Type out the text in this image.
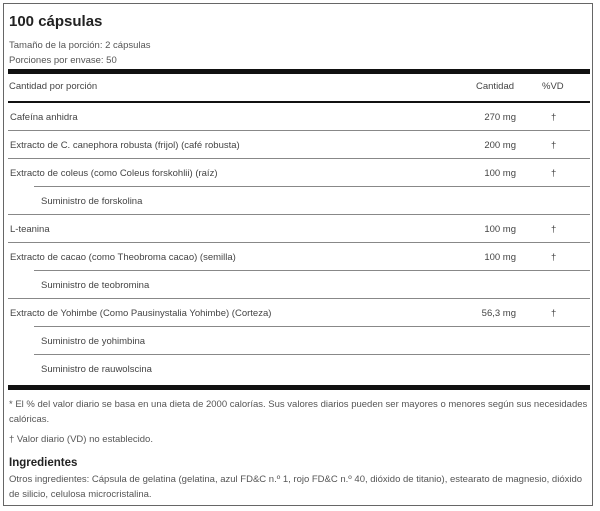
100 cápsulas
Tamaño de la porción: 2 cápsulas
Porciones por envase: 50
Cantidad por porción	Cantidad	%VD
Cafeína anhidra	270 mg	†
Extracto de C. canephora robusta (frijol) (café robusta)	200 mg	†
Extracto de coleus (como Coleus forskohlii) (raíz)	100 mg	†
Suministro de forskolina
L-teanina	100 mg	†
Extracto de cacao (como Theobroma cacao) (semilla)	100 mg	†
Suministro de teobromina
Extracto de Yohimbe (Como Pausinystalia Yohimbe) (Corteza)	56,3 mg	†
Suministro de yohimbina
Suministro de rauwolscina
* El % del valor diario se basa en una dieta de 2000 calorías. Sus valores diarios pueden ser mayores o menores según sus necesidades calóricas.
† Valor diario (VD) no establecido.
Ingredientes
Otros ingredientes: Cápsula de gelatina (gelatina, azul FD&C n.º 1, rojo FD&C n.º 40, dióxido de titanio), estearato de magnesio, dióxido de silicio, celulosa microcristalina.
